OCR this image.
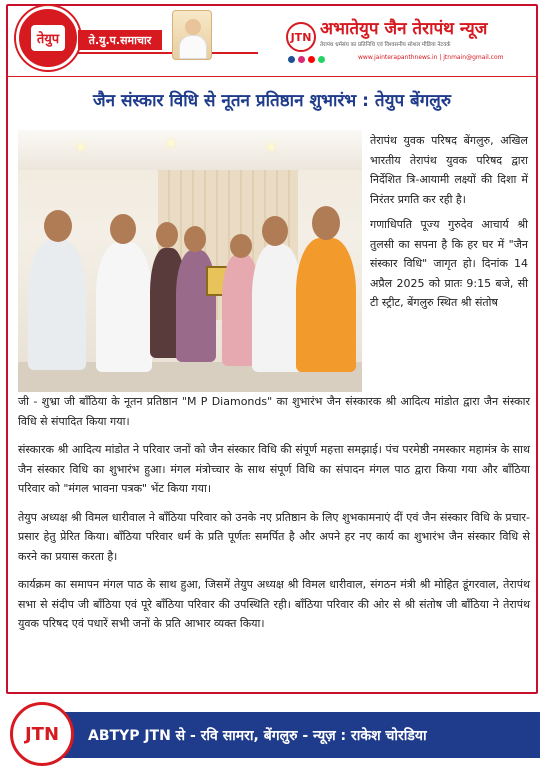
तेयुप	ते.यु.प.समाचार	JTN अभातेयुप जैन तेरापंथ न्यूज
तेरापंथ धर्मसंघ का प्रतिनिधि एवं विश्वसनीय सोशल मीडिया नेटवर्क
www.jainterapanthnews.in | jtnmain@gmail.com
जैन संस्कार विधि से नूतन प्रतिष्ठान शुभारंभ : तेयुप बेंगलुरु

तेरापंथ युवक परिषद बेंगलुरु, अखिल भारतीय तेरापंथ युवक परिषद द्वारा निर्देशित त्रि-आयामी लक्ष्यों की दिशा में निरंतर प्रगति कर रही है।

गणाधिपति पूज्य गुरुदेव आचार्य श्री तुलसी का सपना है कि हर घर में "जैन संस्कार विधि" जागृत हो। दिनांक 14 अप्रैल 2025 को प्रातः 9:15 बजे, सी टी स्ट्रीट, बेंगलुरु स्थित श्री संतोष

जी - शुभ्रा जी बाँठिया के नूतन प्रतिष्ठान "M P Diamonds" का शुभारंभ जैन संस्कारक श्री आदित्य मांडोत द्वारा जैन संस्कार विधि से संपादित किया गया।

संस्कारक श्री आदित्य मांडोत ने परिवार जनों को जैन संस्कार विधि की संपूर्ण महत्ता समझाई। पंच परमेष्ठी नमस्कार महामंत्र के साथ जैन संस्कार विधि का शुभारंभ हुआ। मंगल मंत्रोच्चार के साथ संपूर्ण विधि का संपादन मंगल पाठ द्वारा किया गया और बाँठिया परिवार को "मंगल भावना पत्रक" भेंट किया गया।

तेयुप अध्यक्ष श्री विमल धारीवाल ने बाँठिया परिवार को उनके नए प्रतिष्ठान के लिए शुभकामनाएं दीं एवं जैन संस्कार विधि के प्रचार-प्रसार हेतु प्रेरित किया। बाँठिया परिवार धर्म के प्रति पूर्णतः समर्पित है और अपने हर नए कार्य का शुभारंभ जैन संस्कार विधि से करने का प्रयास करता है।

कार्यक्रम का समापन मंगल पाठ के साथ हुआ, जिसमें तेयुप अध्यक्ष श्री विमल धारीवाल, संगठन मंत्री श्री मोहित डूंगरवाल, तेरापंथ सभा से संदीप जी बाँठिया एवं पूरे बाँठिया परिवार की उपस्थिति रही। बाँठिया परिवार की ओर से श्री संतोष जी बाँठिया ने तेरापंथ युवक परिषद एवं पधारें सभी जनों के प्रति आभार व्यक्त किया।

ABTYP JTN से - रवि सामरा, बेंगलुरु - न्यूज़ : राकेश चोरडिया
JTN
